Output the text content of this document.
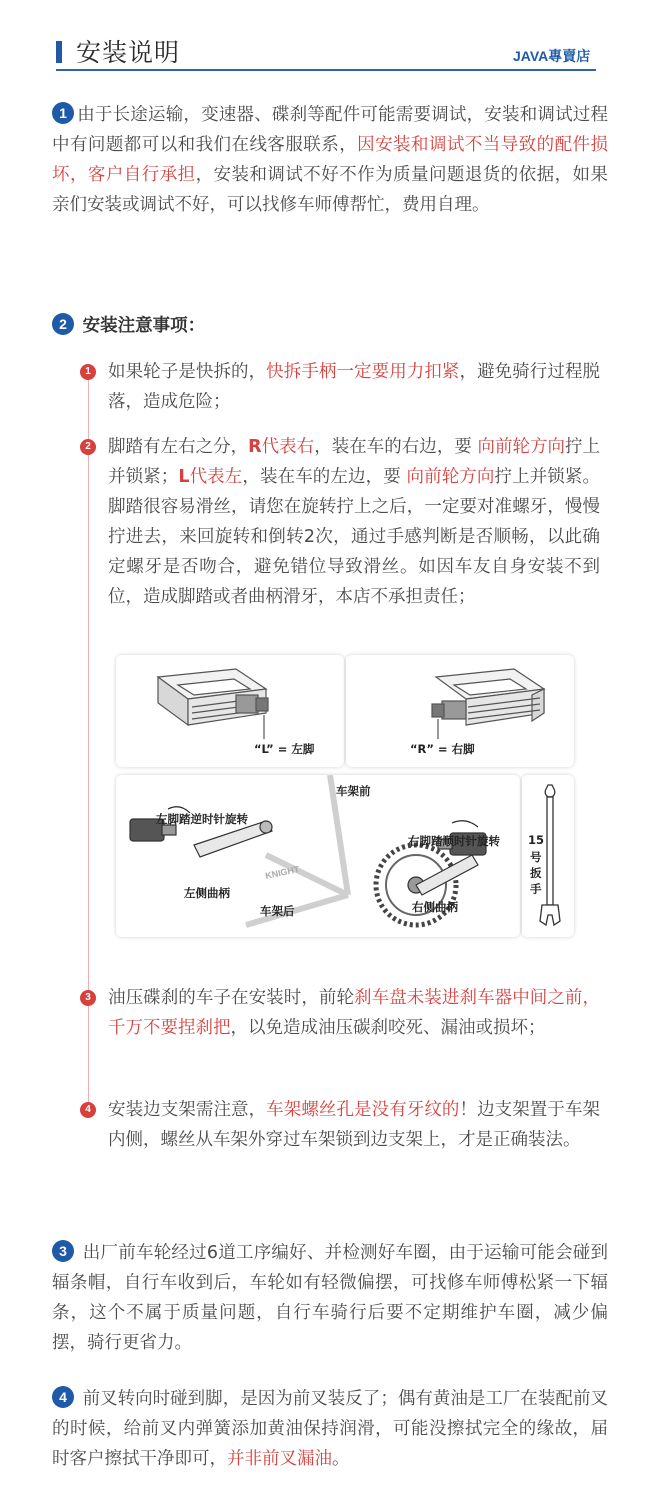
安装说明	JAVA專賣店
1 由于长途运输，变速器、碟刹等配件可能需要调试，安装和调试过程中有问题都可以和我们在线客服联系，因安装和调试不当导致的配件损坏，客户自行承担，安装和调试不好不作为质量问题退货的依据，如果亲们安装或调试不好，可以找修车师傅帮忙，费用自理。
2 安装注意事项：
1 如果轮子是快拆的，快拆手柄一定要用力扣紧，避免骑行过程脱落，造成危险；
2 脚踏有左右之分，R代表右，装在车的右边，要 向前轮方向拧上并锁紧；L代表左，装在车的左边，要 向前轮方向拧上并锁紧。脚踏很容易滑丝，请您在旋转拧上之后，一定要对准螺牙，慢慢拧进去，来回旋转和倒转2次，通过手感判断是否顺畅，以此确定螺牙是否吻合，避免错位导致滑丝。如因车友自身安装不到位，造成脚踏或者曲柄滑牙，本店不承担责任；
“L” = 左脚	“R” = 右脚
KNIGHT
车架前
左脚踏逆时针旋转
右脚踏顺时针旋转
左侧曲柄
右侧曲柄
车架后
15
号
扳
手
3 油压碟刹的车子在安装时，前轮刹车盘未装进刹车器中间之前，千万不要捏刹把，以免造成油压碳刹咬死、漏油或损坏；
4 安装边支架需注意，车架螺丝孔是没有牙纹的！边支架置于车架内侧，螺丝从车架外穿过车架锁到边支架上，才是正确装法。
3 出厂前车轮经过6道工序编好、并检测好车圈，由于运输可能会碰到辐条帽，自行车收到后，车轮如有轻微偏摆，可找修车师傅松紧一下辐条，这个不属于质量问题，自行车骑行后要不定期维护车圈，减少偏摆，骑行更省力。
4 前叉转向时碰到脚，是因为前叉装反了；偶有黄油是工厂在装配前叉的时候，给前叉内弹簧添加黄油保持润滑，可能没擦拭完全的缘故，届时客户擦拭干净即可，并非前叉漏油。
